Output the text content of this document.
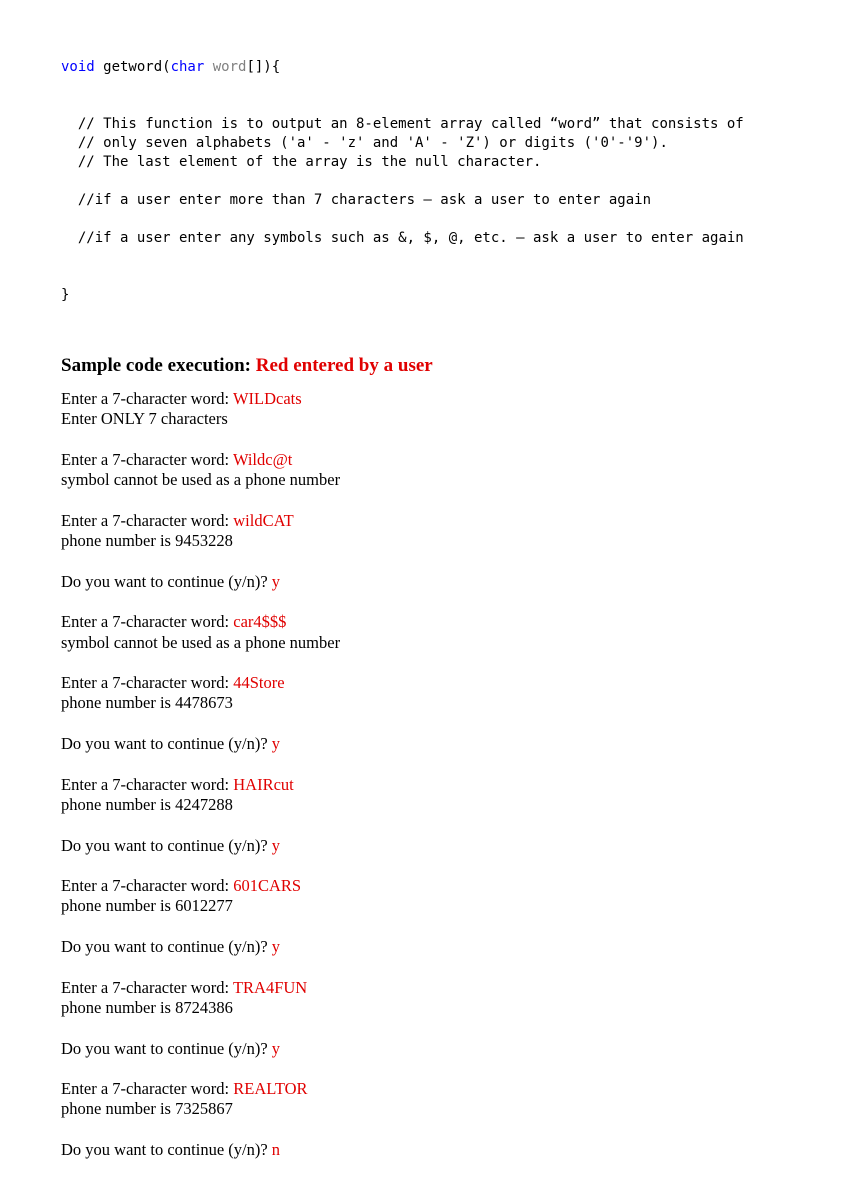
void getword(char word[]){

// This function is to output an 8-element array called “word” that consists of
// only seven alphabets ('a' - 'z' and 'A' - 'Z') or digits ('0'-'9').
// The last element of the array is the null character.
//if a user enter more than 7 characters – ask a user to enter again
//if a user enter any symbols such as &, $, @, etc. – ask a user to enter again

}

Sample code execution: Red entered by a user
Enter a 7-character word: WILDcats
Enter ONLY 7 characters
Enter a 7-character word: Wildc@t
symbol cannot be used as a phone number
Enter a 7-character word: wildCAT
phone number is 9453228
Do you want to continue (y/n)? y
Enter a 7-character word: car4$$$
symbol cannot be used as a phone number
Enter a 7-character word: 44Store
phone number is 4478673
Do you want to continue (y/n)? y
Enter a 7-character word: HAIRcut
phone number is 4247288
Do you want to continue (y/n)? y
Enter a 7-character word: 601CARS
phone number is 6012277
Do you want to continue (y/n)? y
Enter a 7-character word: TRA4FUN
phone number is 8724386
Do you want to continue (y/n)? y
Enter a 7-character word: REALTOR
phone number is 7325867
Do you want to continue (y/n)? n
